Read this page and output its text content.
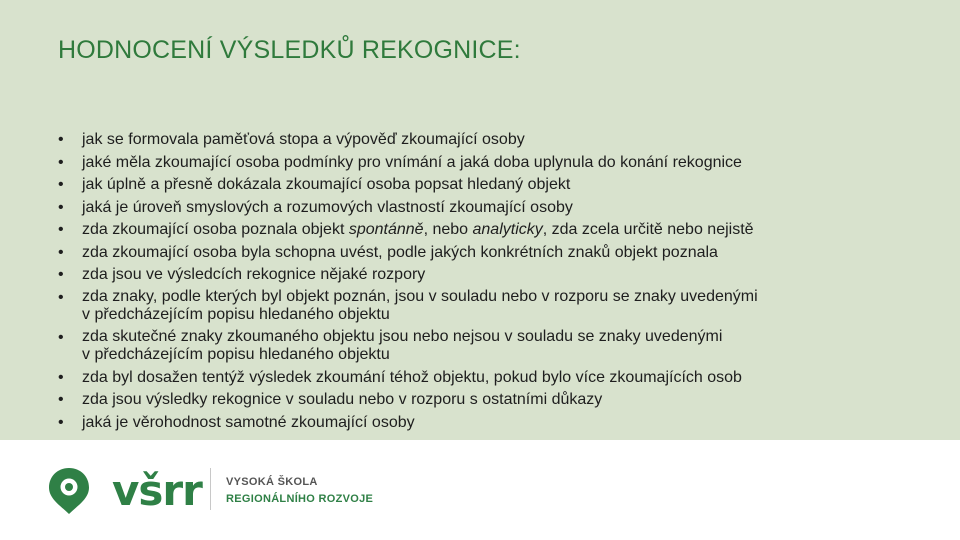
HODNOCENÍ VÝSLEDKŮ REKOGNICE:
• jak se formovala paměťová stopa a výpověď zkoumající osoby
• jaké měla zkoumající osoba podmínky pro vnímání a jaká doba uplynula do konání rekognice
• jak úplně a přesně dokázala zkoumající osoba popsat hledaný objekt
• jaká je úroveň smyslových a rozumových vlastností zkoumající osoby
• zda zkoumající osoba poznala objekt spontánně, nebo analyticky, zda zcela určitě nebo nejistě
• zda zkoumající osoba byla schopna uvést, podle jakých konkrétních znaků objekt poznala
• zda jsou ve výsledcích rekognice nějaké rozpory
• zda znaky, podle kterých byl objekt poznán, jsou v souladu nebo v rozporu se znaky uvedenými
v předcházejícím popisu hledaného objektu
• zda skutečné znaky zkoumaného objektu jsou nebo nejsou v souladu se znaky uvedenými
v předcházejícím popisu hledaného objektu
• zda byl dosažen tentýž výsledek zkoumání téhož objektu, pokud bylo více zkoumajících osob
• zda jsou výsledky rekognice v souladu nebo v rozporu s ostatními důkazy
• jaká je věrohodnost samotné zkoumající osoby
všrr VYSOKÁ ŠKOLA
REGIONÁLNÍHO ROZVOJE
